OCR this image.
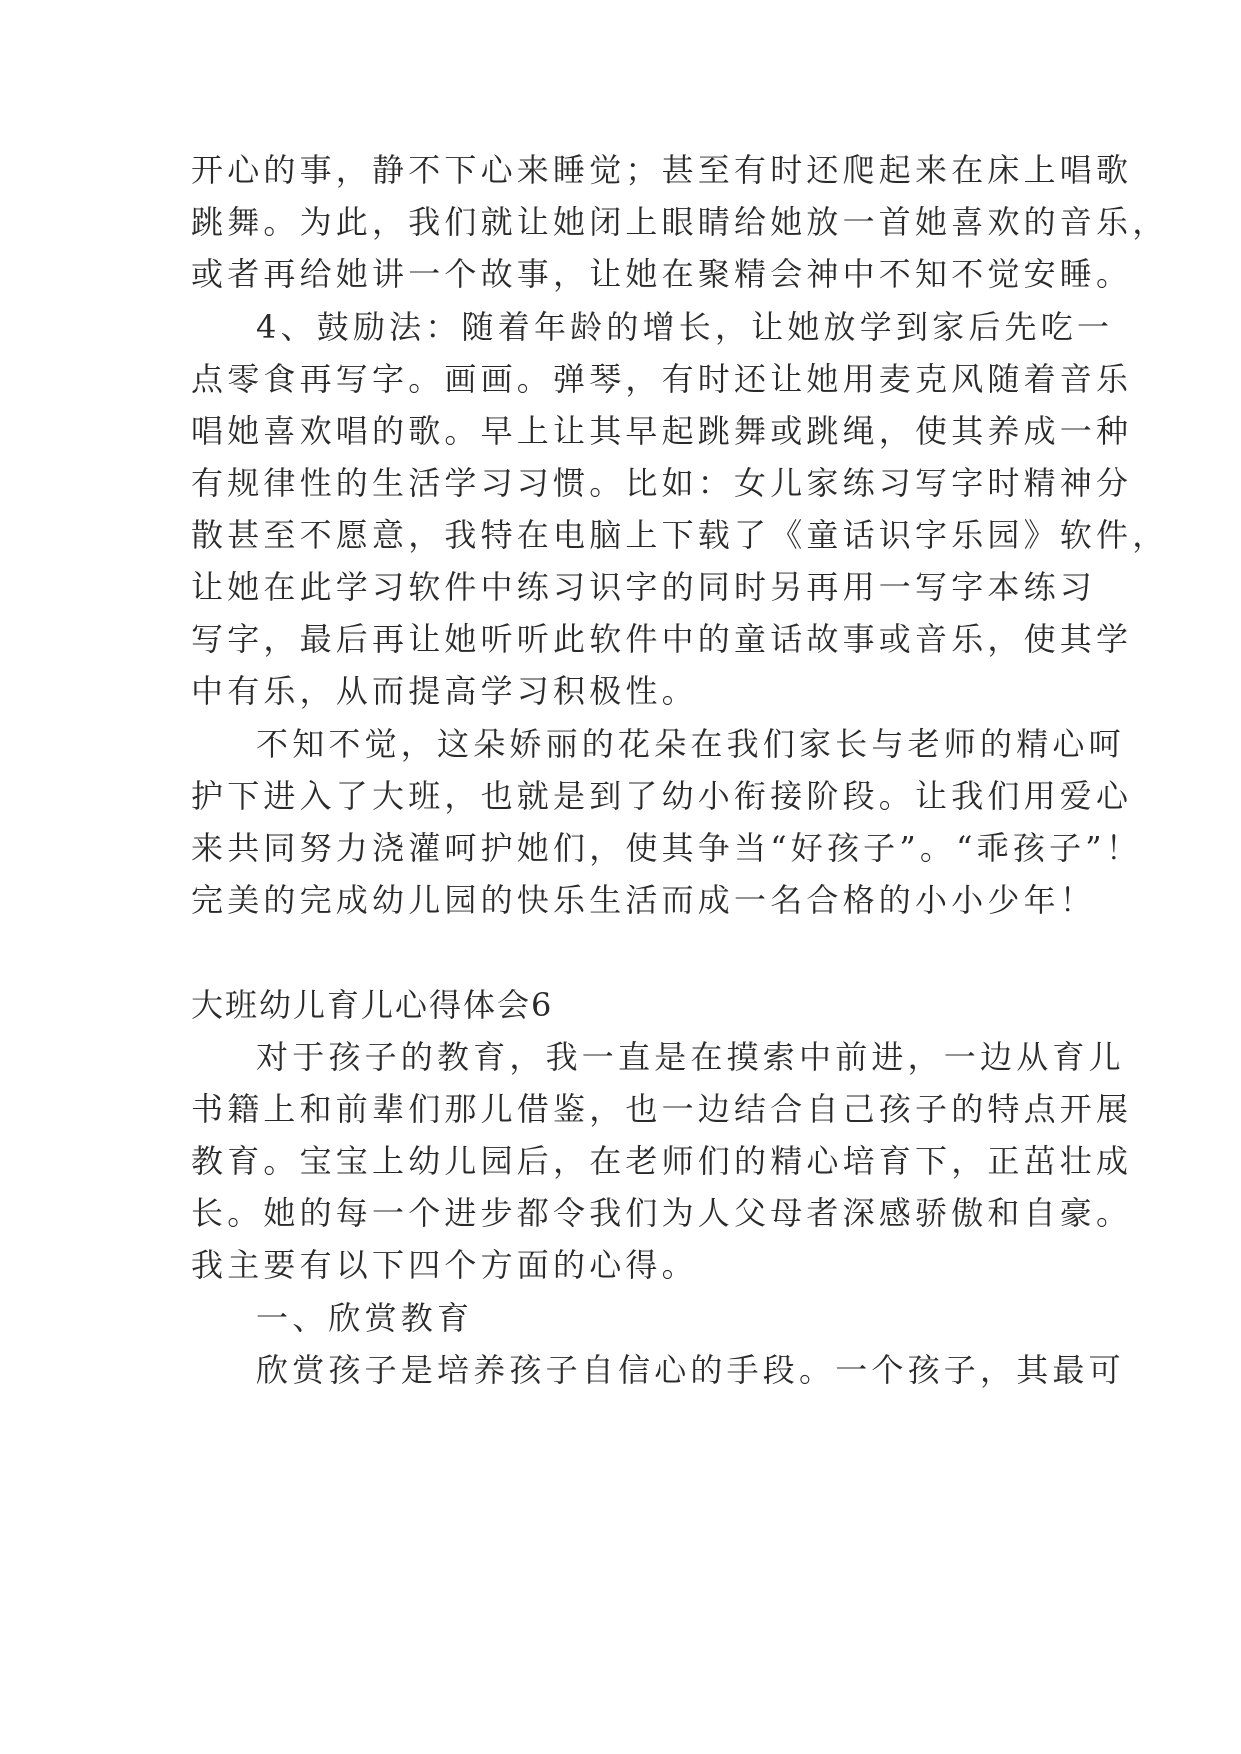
开心的事，静不下心来睡觉；甚至有时还爬起来在床上唱歌
跳舞。为此，我们就让她闭上眼睛给她放一首她喜欢的音乐，
或者再给她讲一个故事，让她在聚精会神中不知不觉安睡。
4、鼓励法：随着年龄的增长，让她放学到家后先吃一
点零食再写字。画画。弹琴，有时还让她用麦克风随着音乐
唱她喜欢唱的歌。早上让其早起跳舞或跳绳，使其养成一种
有规律性的生活学习习惯。比如：女儿家练习写字时精神分
散甚至不愿意，我特在电脑上下载了《童话识字乐园》软件，
让她在此学习软件中练习识字的同时另再用一写字本练习
写字，最后再让她听听此软件中的童话故事或音乐，使其学
中有乐，从而提高学习积极性。
不知不觉，这朵娇丽的花朵在我们家长与老师的精心呵
护下进入了大班，也就是到了幼小衔接阶段。让我们用爱心
来共同努力浇灌呵护她们，使其争当“好孩子”。“乖孩子”！
完美的完成幼儿园的快乐生活而成一名合格的小小少年！
大班幼儿育儿心得体会6
对于孩子的教育，我一直是在摸索中前进，一边从育儿
书籍上和前辈们那儿借鉴，也一边结合自己孩子的特点开展
教育。宝宝上幼儿园后，在老师们的精心培育下，正茁壮成
长。她的每一个进步都令我们为人父母者深感骄傲和自豪。
我主要有以下四个方面的心得。
一、欣赏教育
欣赏孩子是培养孩子自信心的手段。一个孩子，其最可
